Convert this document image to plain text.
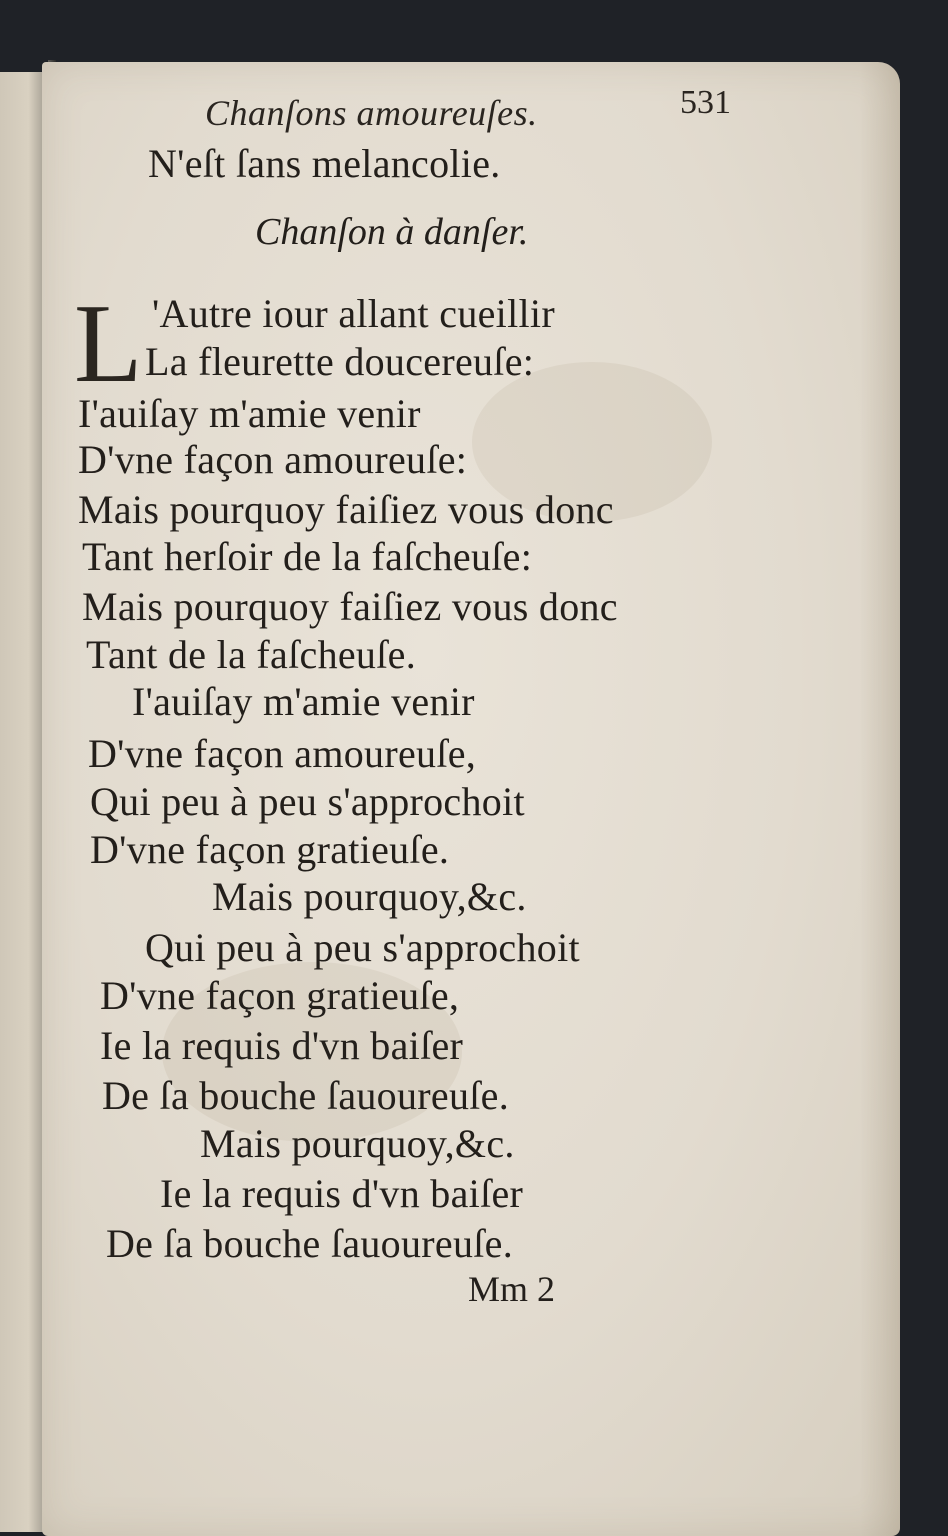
Chanſons amoureuſes.	531
N'eſt ſans melancolie.
Chanſon à danſer.
L 'Autre iour allant cueillir
La fleurette doucereuſe:
I'auiſay m'amie venir
D'vne façon amoureuſe:
Mais pourquoy faiſiez vous donc
Tant herſoir de la faſcheuſe:
Mais pourquoy faiſiez vous donc
Tant de la faſcheuſe.
I'auiſay m'amie venir
D'vne façon amoureuſe,
Qui peu à peu s'approchoit
D'vne façon gratieuſe.
Mais pourquoy,&c.
Qui peu à peu s'approchoit
D'vne façon gratieuſe,
Ie la requis d'vn baiſer
De ſa bouche ſauoureuſe.
Mais pourquoy,&c.
Ie la requis d'vn baiſer
De ſa bouche ſauoureuſe.
Mm 2
